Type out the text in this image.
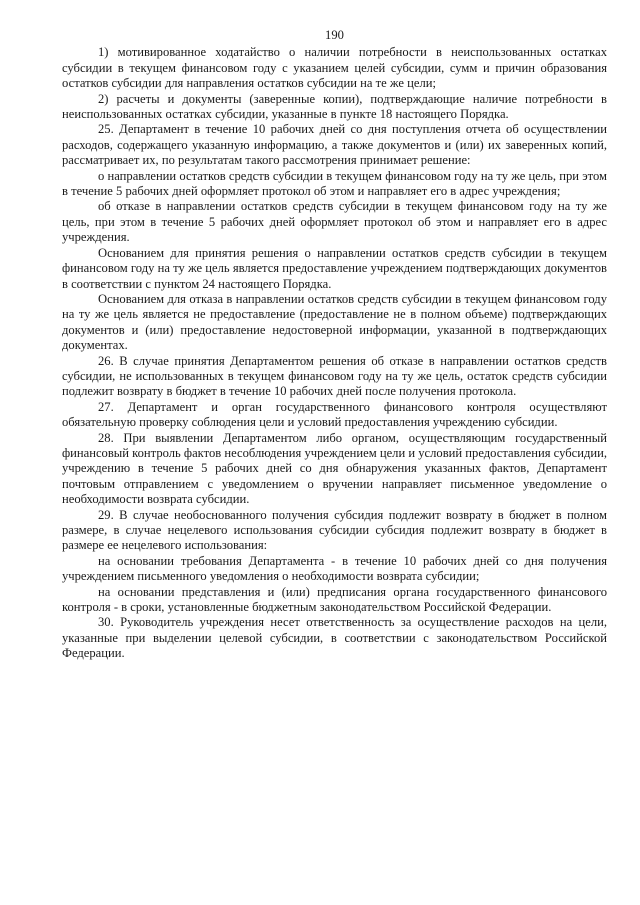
190

1) мотивированное ходатайство о наличии потребности в неиспользованных остатках субсидии в текущем финансовом году с указанием целей субсидии, сумм и причин образования остатков субсидии для направления остатков субсидии на те же цели;

2) расчеты и документы (заверенные копии), подтверждающие наличие потребности в неиспользованных остатках субсидии, указанные в пункте 18 настоящего Порядка.

25. Департамент в течение 10 рабочих дней со дня поступления отчета об осуществлении расходов, содержащего указанную информацию, а также документов и (или) их заверенных копий, рассматривает их, по результатам такого рассмотрения принимает решение:

о направлении остатков средств субсидии в текущем финансовом году на ту же цель, при этом в течение 5 рабочих дней оформляет протокол об этом и направляет его в адрес учреждения;

об отказе в направлении остатков средств субсидии в текущем финансовом году на ту же цель, при этом в течение 5 рабочих дней оформляет протокол об этом и направляет его в адрес учреждения.

Основанием для принятия решения о направлении остатков средств субсидии в текущем финансовом году на ту же цель является предоставление учреждением подтверждающих документов в соответствии с пунктом 24 настоящего Порядка.

Основанием для отказа в направлении остатков средств субсидии в текущем финансовом году на ту же цель является не предоставление (предоставление не в полном объеме) подтверждающих документов и (или) предоставление недостоверной информации, указанной в подтверждающих документах.

26. В случае принятия Департаментом решения об отказе в направлении остатков средств субсидии, не использованных в текущем финансовом году на ту же цель, остаток средств субсидии подлежит возврату в бюджет в течение 10 рабочих дней после получения протокола.

27. Департамент и орган государственного финансового контроля осуществляют обязательную проверку соблюдения цели и условий предоставления учреждению субсидии.

28. При выявлении Департаментом либо органом, осуществляющим государственный финансовый контроль фактов несоблюдения учреждением цели и условий предоставления субсидии, учреждению в течение 5 рабочих дней со дня обнаружения указанных фактов, Департамент почтовым отправлением с уведомлением о вручении направляет письменное уведомление о необходимости возврата субсидии.

29. В случае необоснованного получения субсидия подлежит возврату в бюджет в полном размере, в случае нецелевого использования субсидии субсидия подлежит возврату в бюджет в размере ее нецелевого использования:

на основании требования Департамента - в течение 10 рабочих дней со дня получения учреждением письменного уведомления о необходимости возврата субсидии;

на основании представления и (или) предписания органа государственного финансового контроля - в сроки, установленные бюджетным законодательством Российской Федерации.

30. Руководитель учреждения несет ответственность за осуществление расходов на цели, указанные при выделении целевой субсидии, в соответствии с законодательством Российской Федерации.
